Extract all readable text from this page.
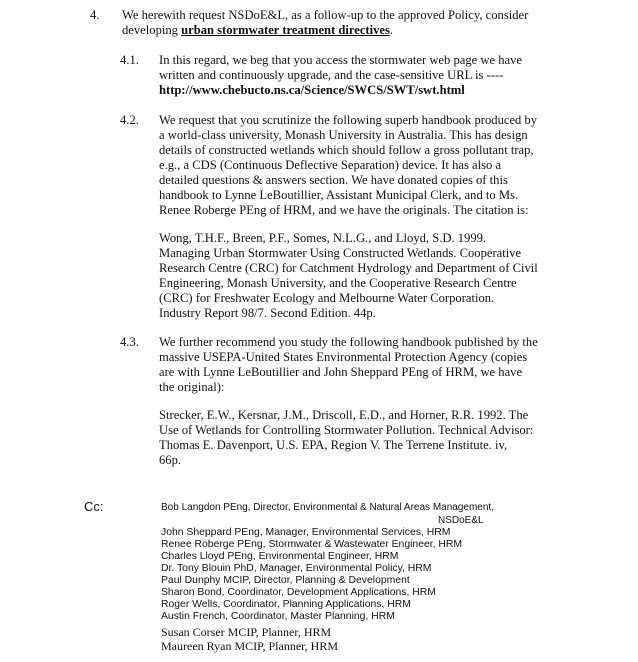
4. We herewith request NSDoE&L, as a follow-up to the approved Policy, consider
developing urban stormwater treatment directives.
4.1. In this regard, we beg that you access the stormwater web page we have
written and continuously upgrade, and the case-sensitive URL is ----
http://www.chebucto.ns.ca/Science/SWCS/SWT/swt.html
4.2. We request that you scrutinize the following superb handbook produced by
a world-class university, Monash University in Australia. This has design
details of constructed wetlands which should follow a gross pollutant trap,
e.g., a CDS (Continuous Deflective Separation) device. It has also a
detailed questions & answers section. We have donated copies of this
handbook to Lynne LeBoutillier, Assistant Municipal Clerk, and to Ms.
Renee Roberge PEng of HRM, and we have the originals. The citation is:
Wong, T.H.F., Breen, P.F., Somes, N.L.G., and Lloyd, S.D. 1999.
Managing Urban Stormwater Using Constructed Wetlands. Cooperative
Research Centre (CRC) for Catchment Hydrology and Department of Civil
Engineering, Monash University, and the Cooperative Research Centre
(CRC) for Freshwater Ecology and Melbourne Water Corporation.
Industry Report 98/7. Second Edition. 44p.
4.3. We further recommend you study the following handbook published by the
massive USEPA-United States Environmental Protection Agency (copies
are with Lynne LeBoutillier and John Sheppard PEng of HRM, we have
the original):
Strecker, E.W., Kersnar, J.M., Driscoll, E.D., and Horner, R.R. 1992. The
Use of Wetlands for Controlling Stormwater Pollution. Technical Advisor:
Thomas E. Davenport, U.S. EPA, Region V. The Terrene Institute. iv,
66p.
Cc:	Bob Langdon PEng, Director, Environmental & Natural Areas Management,
NSDoE&L
John Sheppard PEng, Manager, Environmental Services, HRM
Renee Roberge PEng, Stormwater & Wastewater Engineer, HRM
Charles Lloyd PEng, Environmental Engineer, HRM
Dr. Tony Blouin PhD, Manager, Environmental Policy, HRM
Paul Dunphy MCIP, Director, Planning & Development
Sharon Bond, Coordinator, Development Applications, HRM
Roger Wells, Coordinator, Planning Applications, HRM
Austin French, Coordinator, Master Planning, HRM
Susan Corser MCIP, Planner, HRM
Maureen Ryan MCIP, Planner, HRM
